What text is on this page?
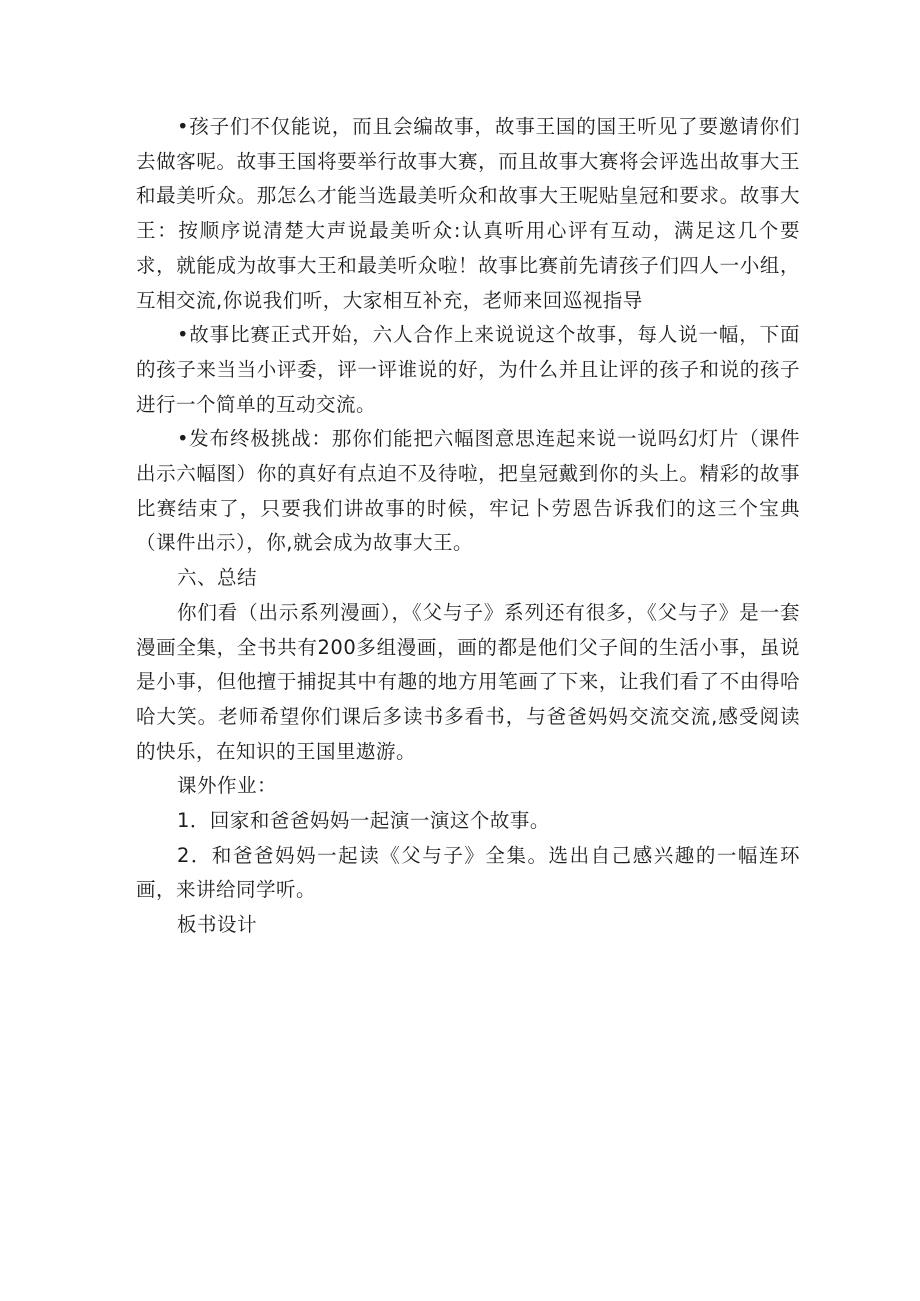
•孩子们不仅能说，而且会编故事，故事王国的国王听见了要邀请你们去做客呢。故事王国将要举行故事大赛，而且故事大赛将会评选出故事大王和最美听众。那怎么才能当选最美听众和故事大王呢贴皇冠和要求。故事大王：按顺序说清楚大声说最美听众:认真听用心评有互动，满足这几个要求，就能成为故事大王和最美听众啦！故事比赛前先请孩子们四人一小组，互相交流,你说我们听，大家相互补充，老师来回巡视指导

•故事比赛正式开始，六人合作上来说说这个故事，每人说一幅，下面的孩子来当当小评委，评一评谁说的好，为什么并且让评的孩子和说的孩子进行一个简单的互动交流。

•发布终极挑战：那你们能把六幅图意思连起来说一说吗幻灯片（课件出示六幅图）你的真好有点迫不及待啦，把皇冠戴到你的头上。精彩的故事比赛结束了，只要我们讲故事的时候，牢记卜劳恩告诉我们的这三个宝典（课件出示），你,就会成为故事大王。

六、总结

你们看（出示系列漫画），《父与子》系列还有很多，《父与子》是一套漫画全集，全书共有200多组漫画，画的都是他们父子间的生活小事，虽说是小事，但他擅于捕捉其中有趣的地方用笔画了下来，让我们看了不由得哈哈大笑。老师希望你们课后多读书多看书，与爸爸妈妈交流交流,感受阅读的快乐，在知识的王国里遨游。

课外作业：

1．回家和爸爸妈妈一起演一演这个故事。

2．和爸爸妈妈一起读《父与子》全集。选出自己感兴趣的一幅连环画，来讲给同学听。

板书设计
